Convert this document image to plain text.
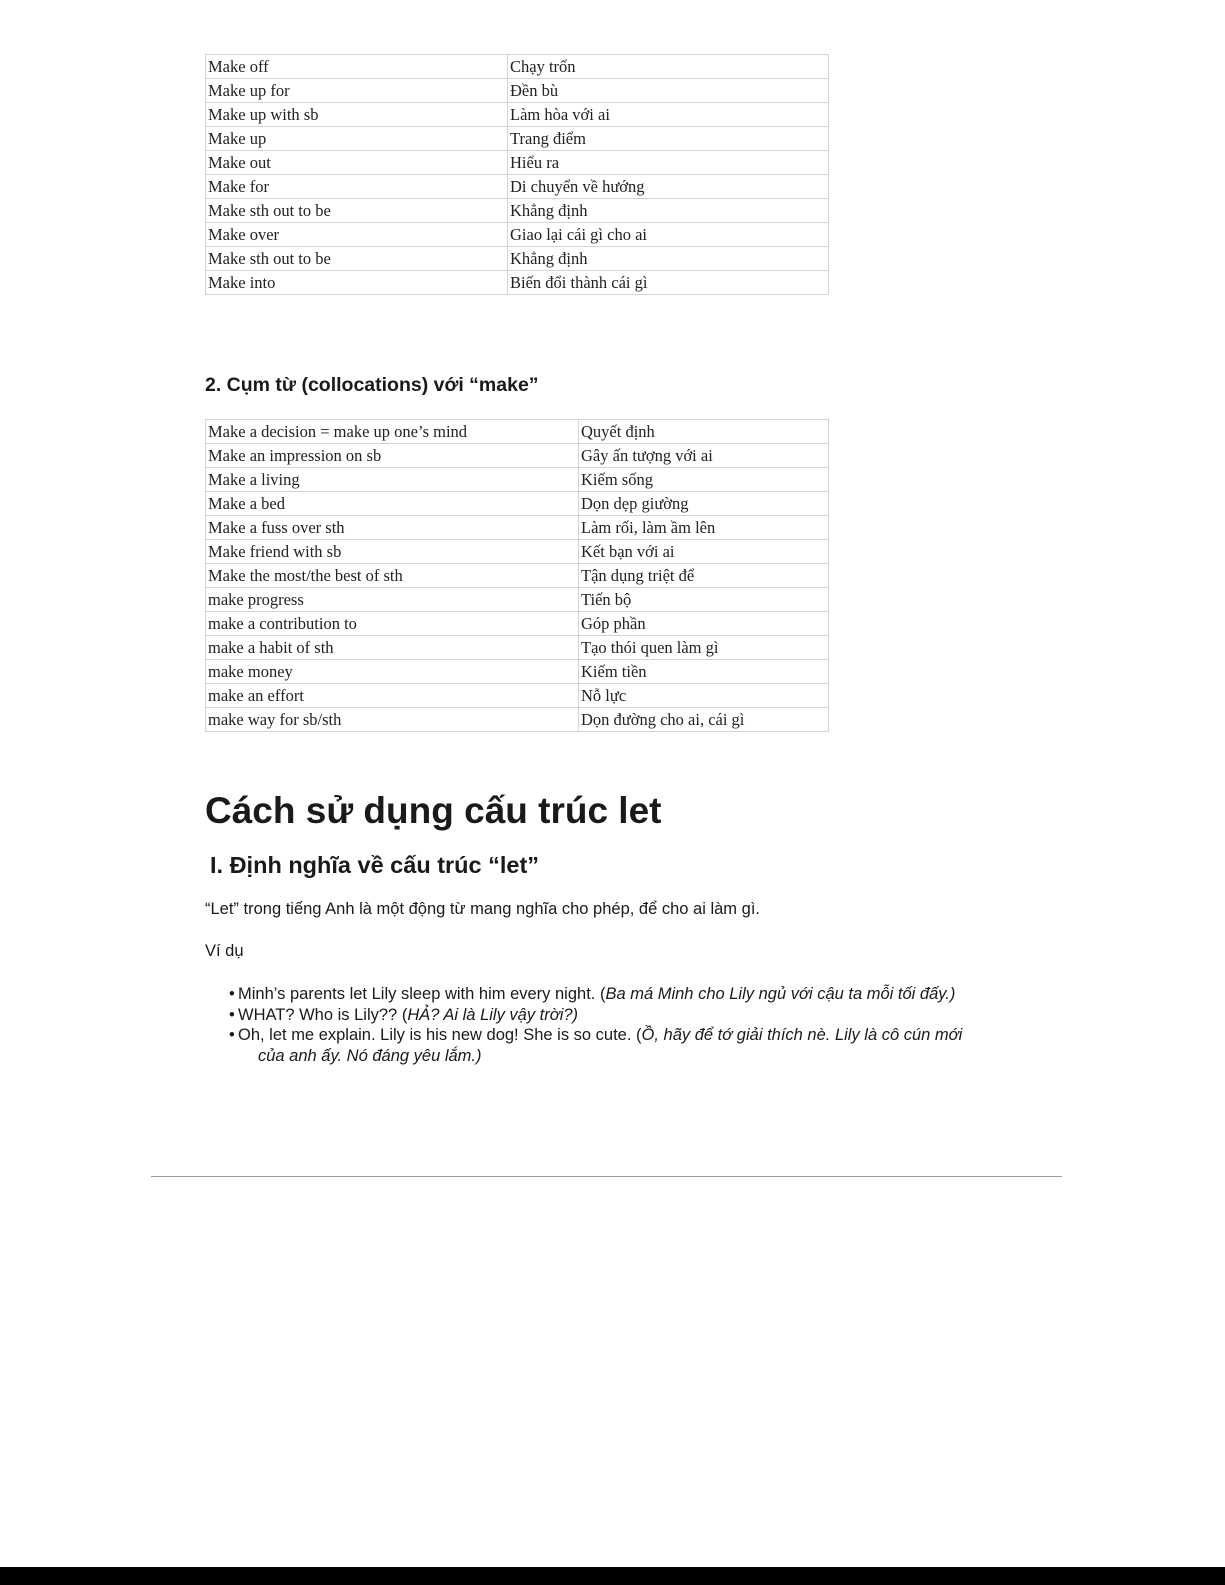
Make off	Chạy trốn
Make up for	Đền bù
Make up with sb	Làm hòa với ai
Make up	Trang điểm
Make out	Hiểu ra
Make for	Di chuyển về hướng
Make sth out to be	Khẳng định
Make over	Giao lại cái gì cho ai
Make sth out to be	Khẳng định
Make into	Biến đổi thành cái gì
2. Cụm từ (collocations) với “make”
Make a decision = make up one’s mind	Quyết định
Make an impression on sb	Gây ấn tượng với ai
Make a living	Kiếm sống
Make a bed	Dọn dẹp giường
Make a fuss over sth	Làm rối, làm ầm lên
Make friend with sb	Kết bạn với ai
Make the most/the best of sth	Tận dụng triệt để
make progress	Tiến bộ
make a contribution to	Góp phần
make a habit of sth	Tạo thói quen làm gì
make money	Kiếm tiền
make an effort	Nỗ lực
make way for sb/sth	Dọn đường cho ai, cái gì
Cách sử dụng cấu trúc let
I. Định nghĩa về cấu trúc “let”

“Let” trong tiếng Anh là một động từ mang nghĩa cho phép, để cho ai làm gì.

Ví dụ

• Minh’s parents let Lily sleep with him every night. (Ba má Minh cho Lily ngủ với cậu ta mỗi tối đấy.)
• WHAT? Who is Lily?? (HẢ? Ai là Lily vậy trời?)
• Oh, let me explain. Lily is his new dog! She is so cute. (Ồ, hãy để tớ giải thích nè. Lily là cô cún mới của anh ấy. Nó đáng yêu lắm.)
